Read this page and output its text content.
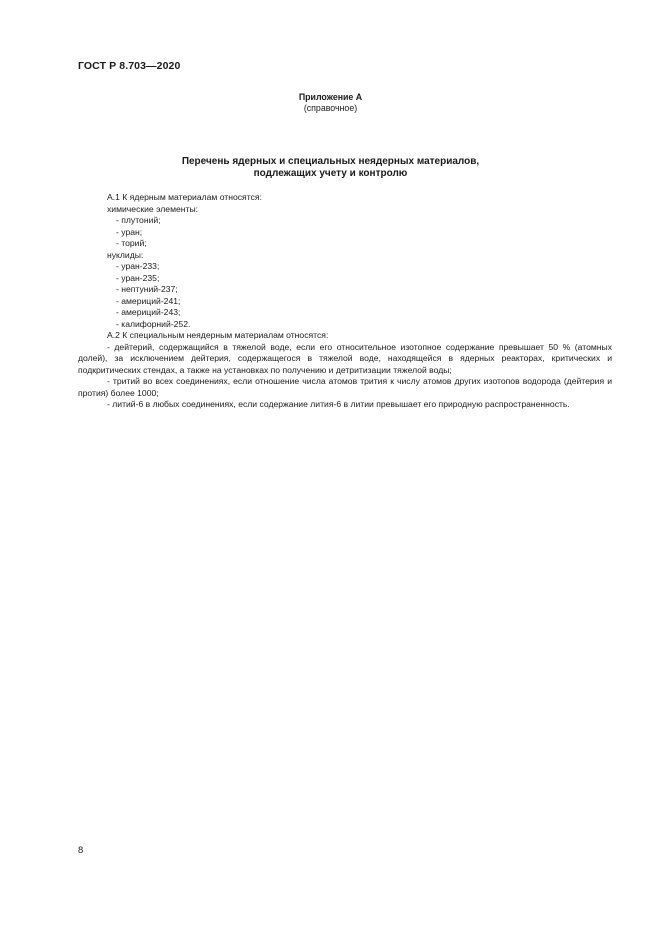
ГОСТ Р 8.703—2020
Приложение А
(справочное)
Перечень ядерных и специальных неядерных материалов,
подлежащих учету и контролю
А.1 К ядерным материалам относятся:
химические элементы:
- плутоний;
- уран;
- торий;
нуклиды:
- уран-233;
- уран-235;
- нептуний-237;
- америций-241;
- америций-243;
- калифорний-252.
А.2 К специальным неядерным материалам относятся:
- дейтерий, содержащийся в тяжелой воде, если его относительное изотопное содержание превышает 50 % (атомных долей), за исключением дейтерия, содержащегося в тяжелой воде, находящейся в ядерных реакторах, критических и подкритических стендах, а также на установках по получению и детритизации тяжелой воды;
- тритий во всех соединениях, если отношение числа атомов трития к числу атомов других изотопов водорода (дейтерия и протия) более 1000;
- литий-6 в любых соединениях, если содержание лития-6 в литии превышает его природную распространенность.
8
